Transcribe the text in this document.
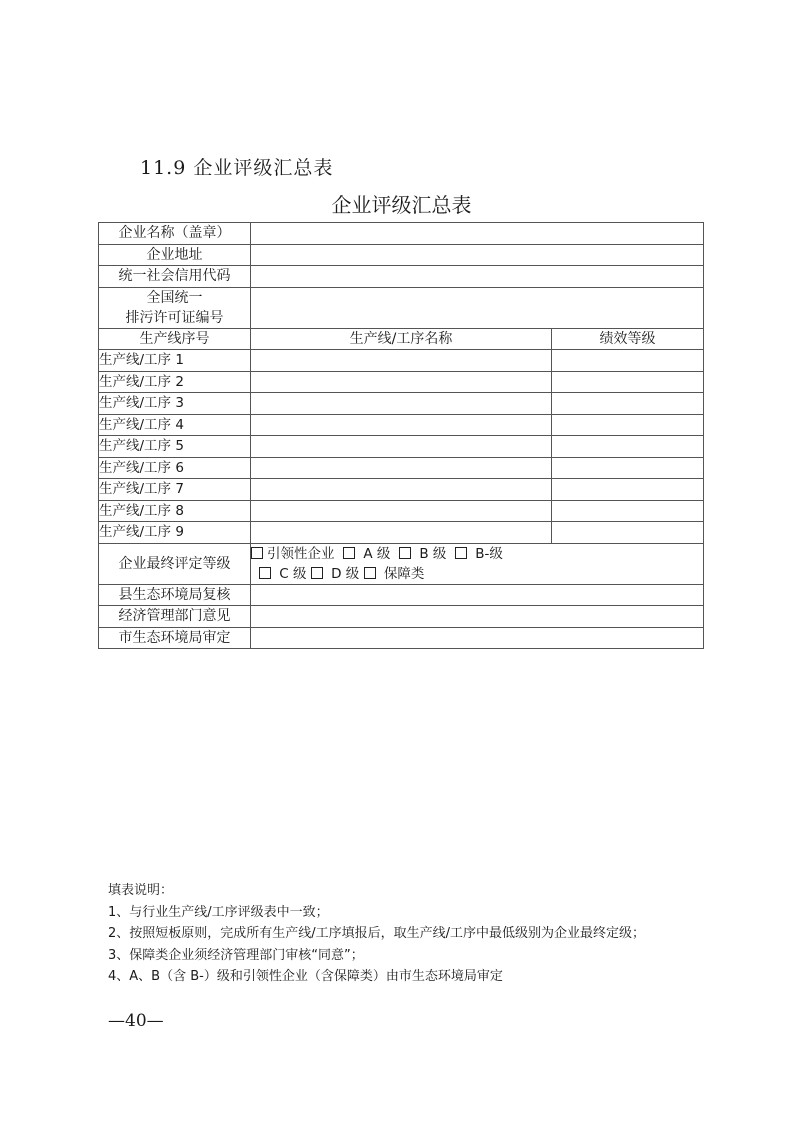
11.9 企业评级汇总表
企业评级汇总表
企业名称（盖章）		
企业地址		
统一社会信用代码		

全国统一
排污许可证编号		

生产线序号	生产线/工序名称	绩效等级
生产线/工序 1		
生产线/工序 2		
生产线/工序 3		
生产线/工序 4		
生产线/工序 5		
生产线/工序 6		
生产线/工序 7		
生产线/工序 8		
生产线/工序 9		
企业最终评定等级	引领性企业 A 级 B 级 B-级
C 级 D 级 保障类	

县生态环境局复核	

经济管理部门意见	

市生态环境局审定	
填表说明：
1、与行业生产线/工序评级表中一致；
2、按照短板原则，完成所有生产线/工序填报后，取生产线/工序中最低级别为企业最终定级；
3、保障类企业须经济管理部门审核“同意”；
4、A、B（含 B-）级和引领性企业（含保障类）由市生态环境局审定
—40—
